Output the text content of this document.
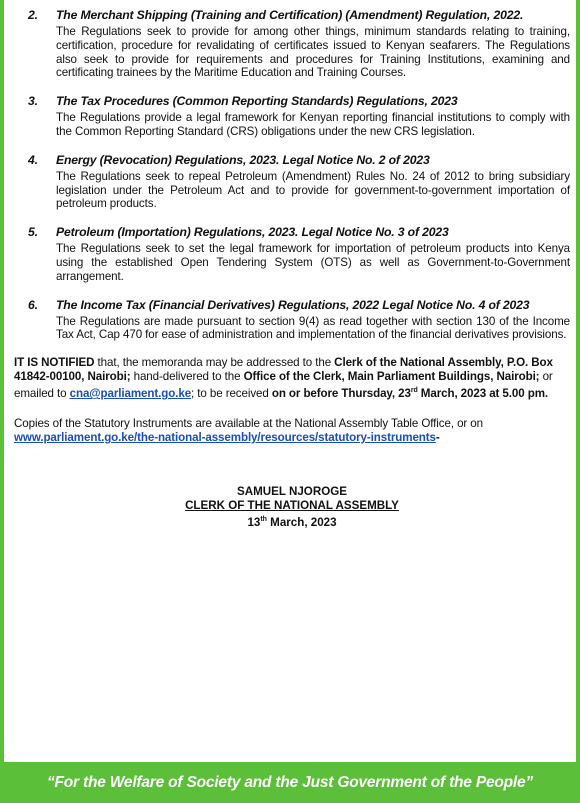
2.	The Merchant Shipping (Training and Certification) (Amendment) Regulation, 2022.
The Regulations seek to provide for among other things, minimum standards relating to training, certification, procedure for revalidating of certificates issued to Kenyan seafarers. The Regulations also seek to provide for requirements and procedures for Training Institutions, examining and certificating trainees by the Maritime Education and Training Courses.
3.	The Tax Procedures (Common Reporting Standards) Regulations, 2023
The Regulations provide a legal framework for Kenyan reporting financial institutions to comply with the Common Reporting Standard (CRS) obligations under the new CRS legislation.
4.	Energy (Revocation) Regulations, 2023. Legal Notice No. 2 of 2023
The Regulations seek to repeal Petroleum (Amendment) Rules No. 24 of 2012 to bring subsidiary legislation under the Petroleum Act and to provide for government-to-government importation of petroleum products.
5.	Petroleum (Importation) Regulations, 2023. Legal Notice No. 3 of 2023
The Regulations seek to set the legal framework for importation of petroleum products into Kenya using the established Open Tendering System (OTS) as well as Government-to-Government arrangement.
6.	The Income Tax (Financial Derivatives) Regulations, 2022 Legal Notice No. 4 of 2023
The Regulations are made pursuant to section 9(4) as read together with section 130 of the Income Tax Act, Cap 470 for ease of administration and implementation of the financial derivatives provisions.
IT IS NOTIFIED that, the memoranda may be addressed to the Clerk of the National Assembly, P.O. Box 41842-00100, Nairobi; hand-delivered to the Office of the Clerk, Main Parliament Buildings, Nairobi; or emailed to cna@parliament.go.ke; to be received on or before Thursday, 23rd March, 2023 at 5.00 pm.
Copies of the Statutory Instruments are available at the National Assembly Table Office, or on www.parliament.go.ke/the-national-assembly/resources/statutory-instruments-
SAMUEL NJOROGE
CLERK OF THE NATIONAL ASSEMBLY
13th March, 2023
“For the Welfare of Society and the Just Government of the People”
